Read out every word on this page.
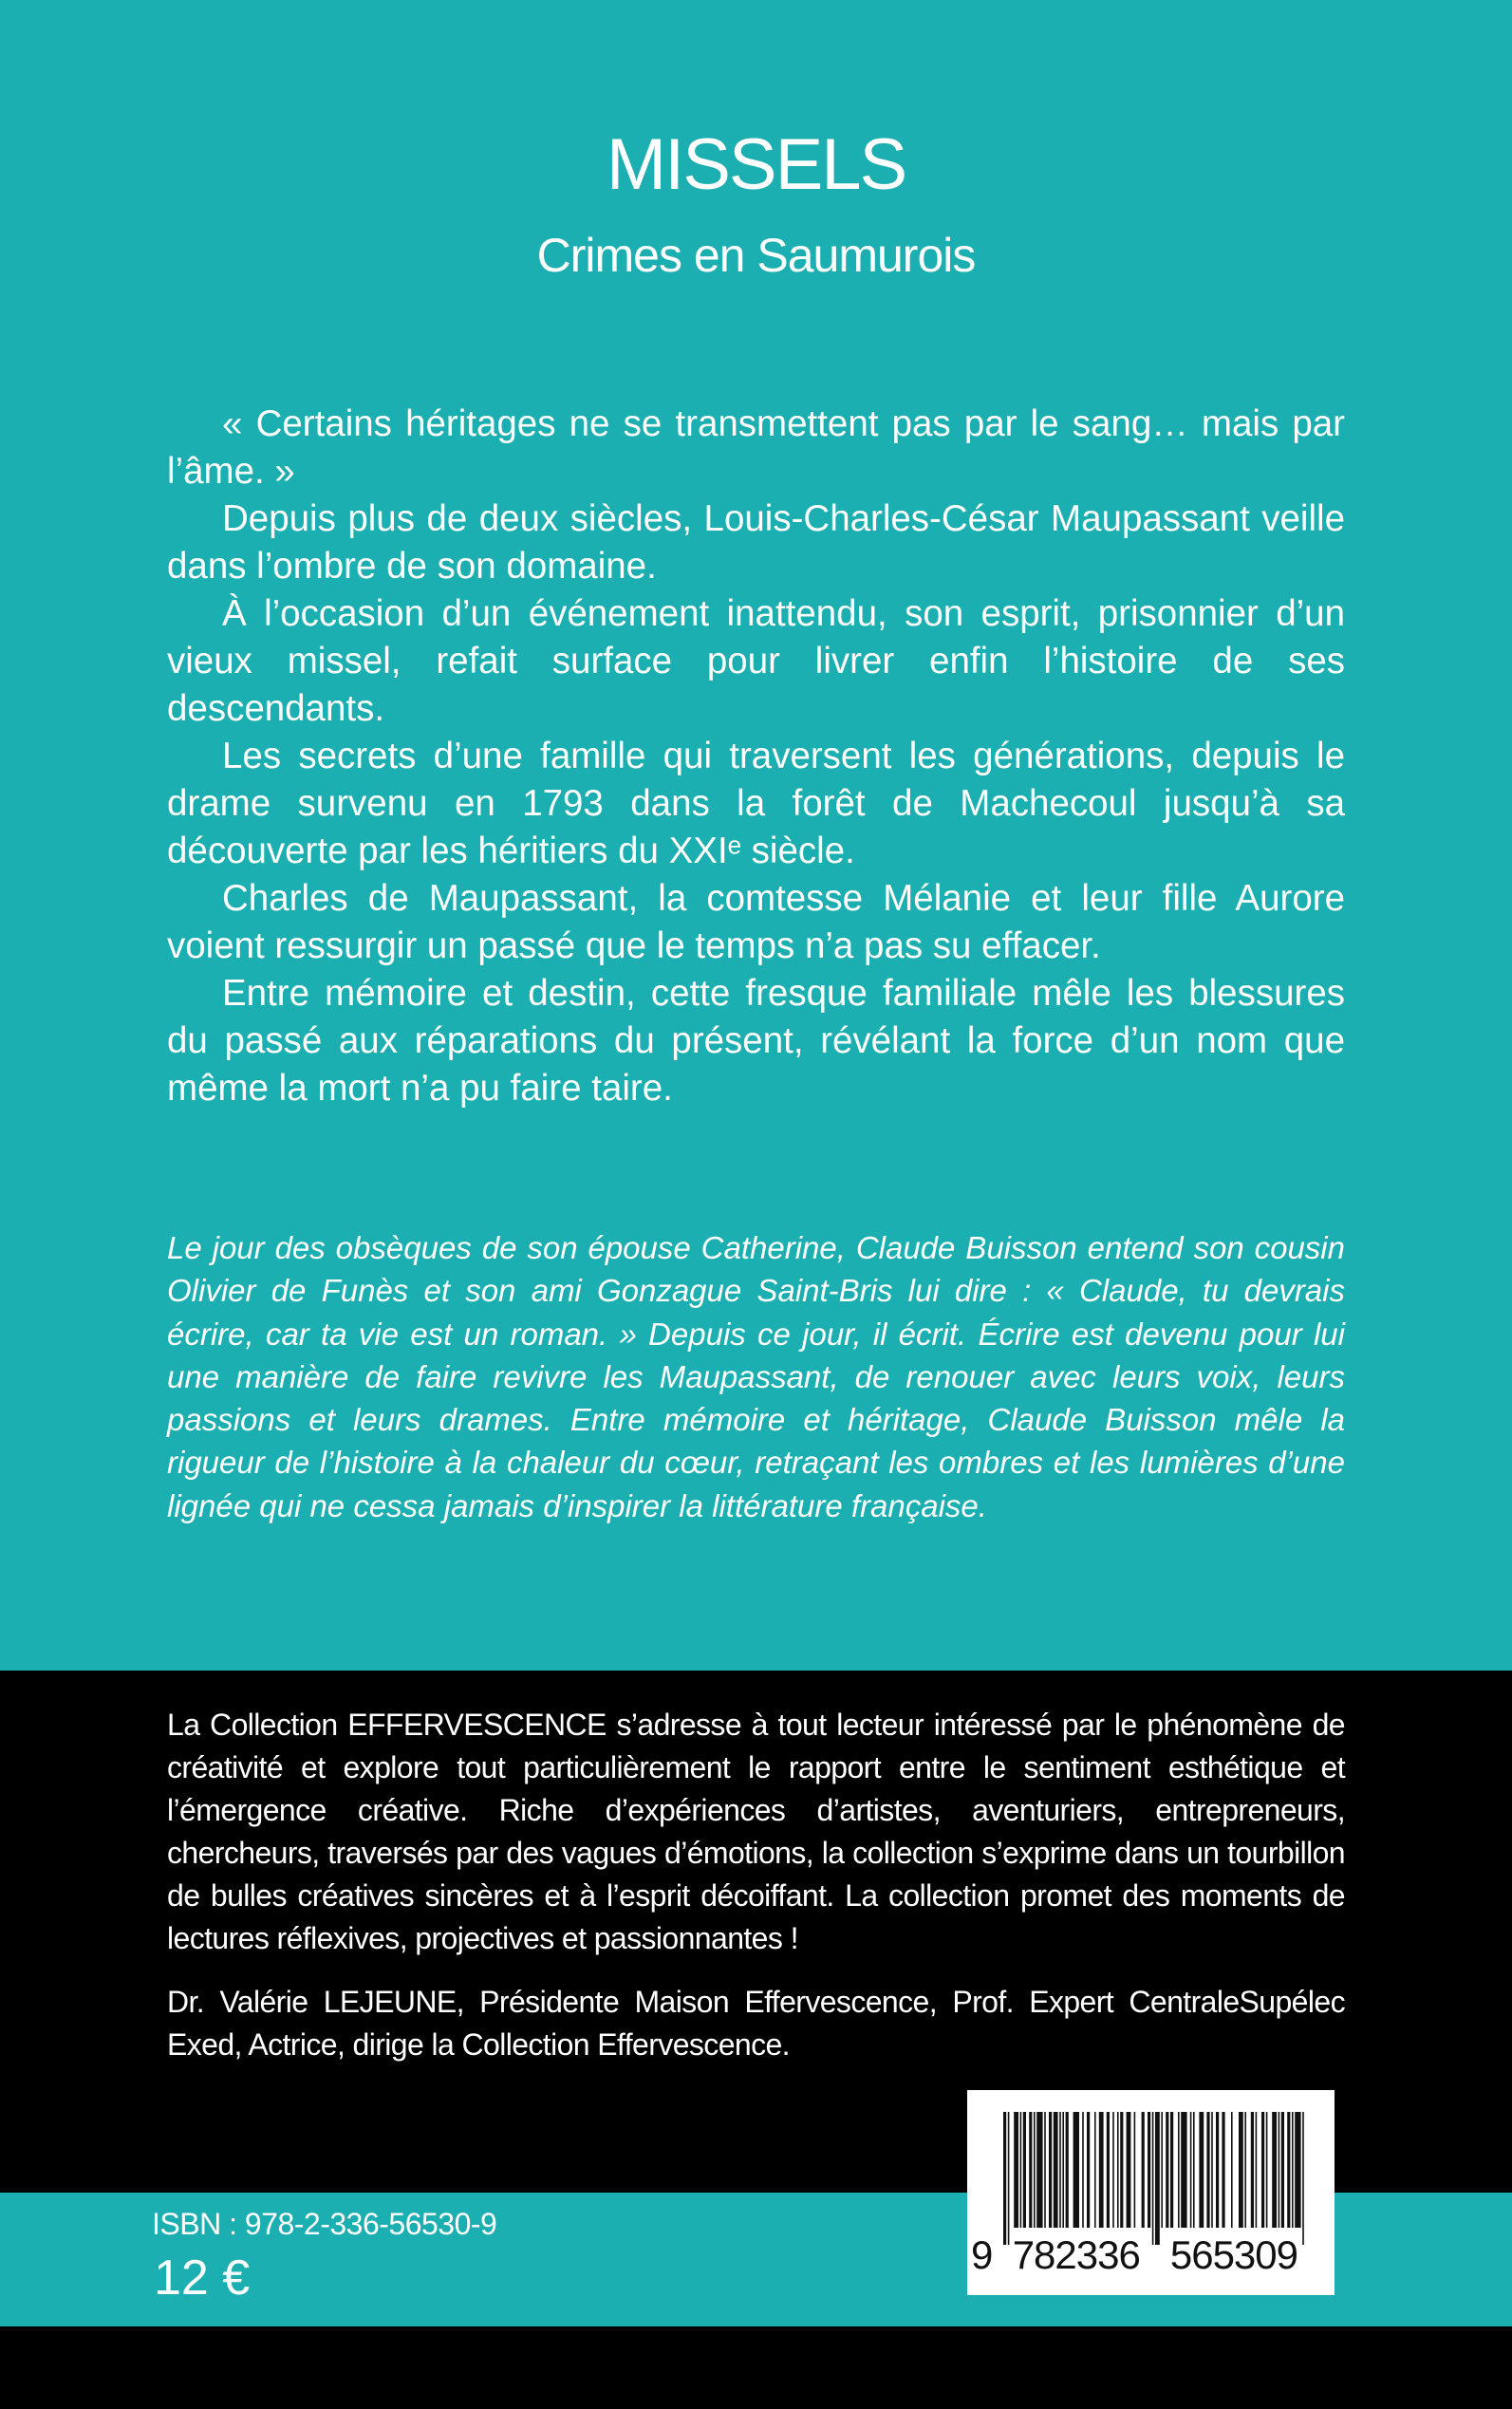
MISSELS
Crimes en Saumurois

« Certains héritages ne se transmettent pas par le sang… mais par l’âme. »

Depuis plus de deux siècles, Louis-Charles-César Maupassant veille dans l’ombre de son domaine.

À l’occasion d’un événement inattendu, son esprit, prisonnier d’un vieux missel, refait surface pour livrer enfin l’histoire de ses descendants.

Les secrets d’une famille qui traversent les générations, depuis le drame survenu en 1793 dans la forêt de Machecoul jusqu’à sa découverte par les héritiers du XXIᵉ siècle.

Charles de Maupassant, la comtesse Mélanie et leur fille Aurore voient ressurgir un passé que le temps n’a pas su effacer.

Entre mémoire et destin, cette fresque familiale mêle les blessures du passé aux réparations du présent, révélant la force d’un nom que même la mort n’a pu faire taire.

Le jour des obsèques de son épouse Catherine, Claude Buisson entend son cousin Olivier de Funès et son ami Gonzague Saint-Bris lui dire : « Claude, tu devrais écrire, car ta vie est un roman. » Depuis ce jour, il écrit. Écrire est devenu pour lui une manière de faire revivre les Maupassant, de renouer avec leurs voix, leurs passions et leurs drames. Entre mémoire et héritage, Claude Buisson mêle la rigueur de l’histoire à la chaleur du cœur, retraçant les ombres et les lumières d’une lignée qui ne cessa jamais d’inspirer la littérature française.

La Collection EFFERVESCENCE s’adresse à tout lecteur intéressé par le phénomène de créativité et explore tout particulièrement le rapport entre le sentiment esthétique et l’émergence créative. Riche d’expériences d’artistes, aventuriers, entrepreneurs, chercheurs, traversés par des vagues d’émotions, la collection s’exprime dans un tourbillon de bulles créatives sincères et à l’esprit décoiffant. La collection promet des moments de lectures réflexives, projectives et passionnantes !

Dr. Valérie LEJEUNE, Présidente Maison Effervescence, Prof. Expert CentraleSupélec Exed, Actrice, dirige la Collection Effervescence.

ISBN : 978-2-336-56530-9
12 €	9  782336   565309
